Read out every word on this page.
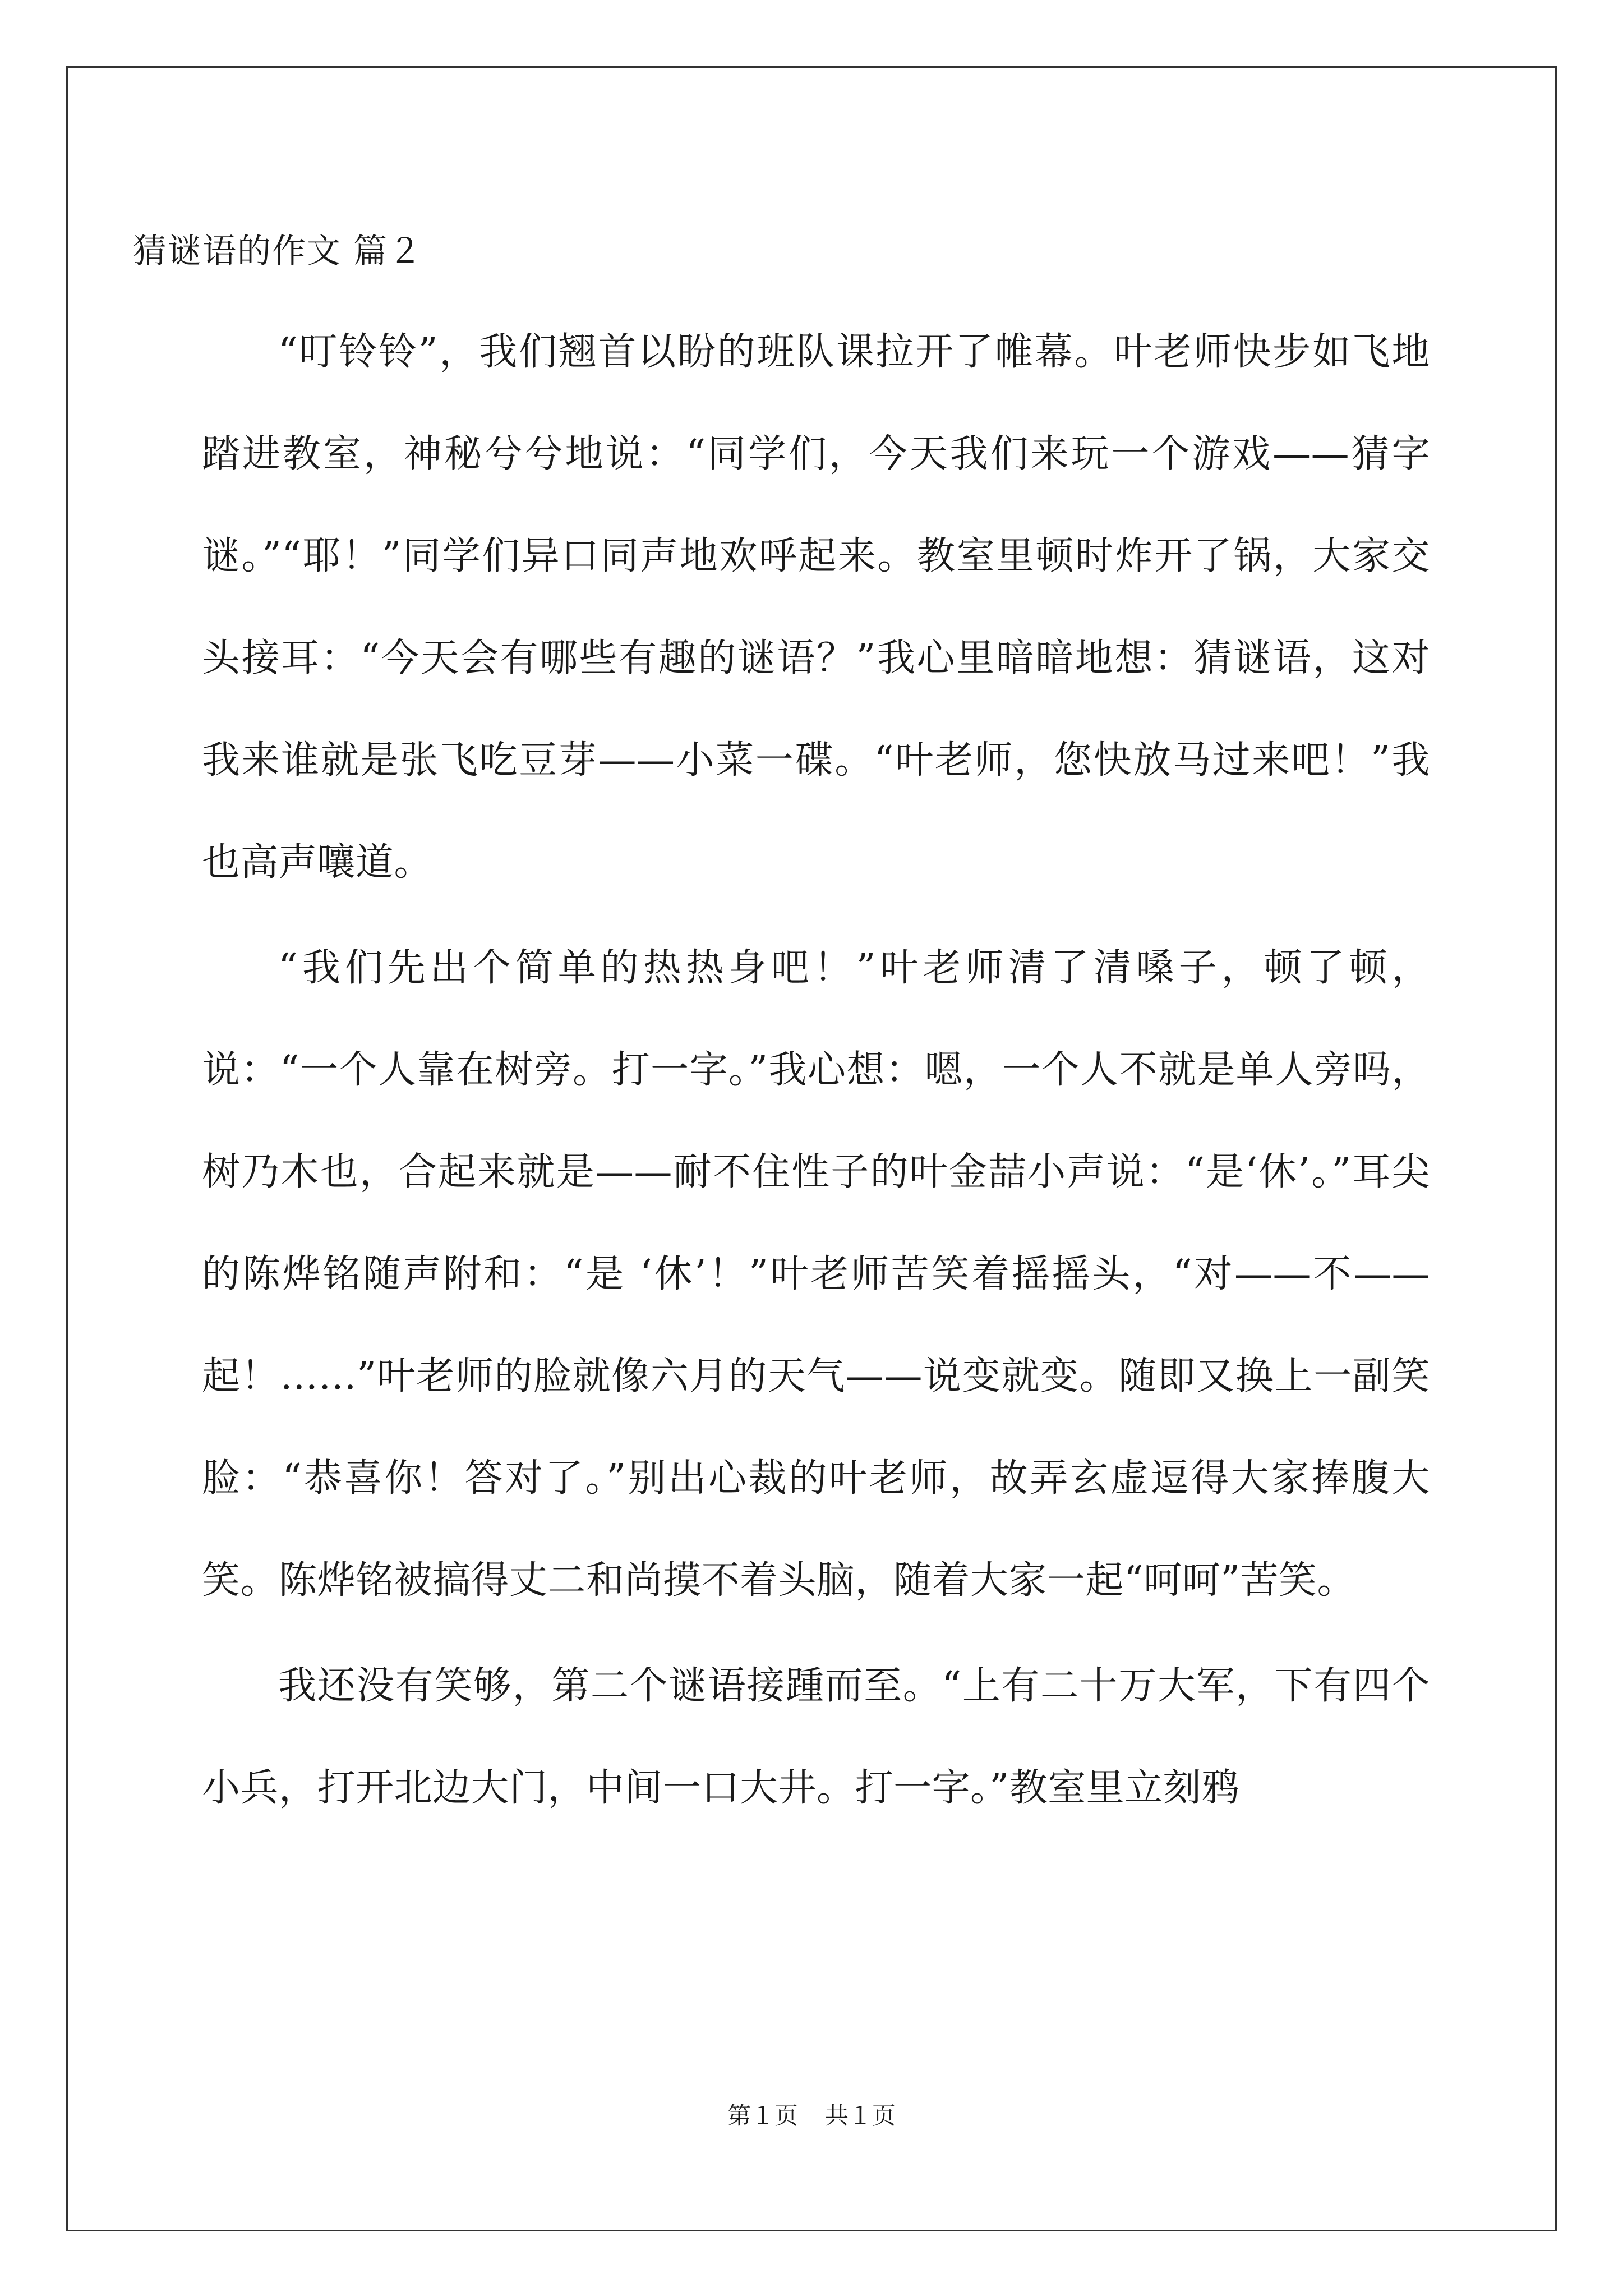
猜谜语的作文 篇２

“叮铃铃”，我们翘首以盼的班队课拉开了帷幕。叶老师快步如飞地踏进教室，神秘兮兮地说：“同学们，今天我们来玩一个游戏——猜字谜。”“耶！”同学们异口同声地欢呼起来。教室里顿时炸开了锅，大家交头接耳：“今天会有哪些有趣的谜语？”我心里暗暗地想：猜谜语，这对我来谁就是张飞吃豆芽——小菜一碟。“叶老师，您快放马过来吧！”我也高声嚷道。

“我们先出个简单的热热身吧！”叶老师清了清嗓子，顿了顿，说：“一个人靠在树旁。打一字。”我心想：嗯，一个人不就是单人旁吗，树乃木也，合起来就是——耐不住性子的叶金喆小声说：“是‘休’。”耳尖的陈烨铭随声附和：“是 ‘休’！”叶老师苦笑着摇摇头，“对——不——起！……”叶老师的脸就像六月的天气——说变就变。随即又换上一副笑脸：“恭喜你！答对了。”别出心裁的叶老师，故弄玄虚逗得大家捧腹大笑。陈烨铭被搞得丈二和尚摸不着头脑，随着大家一起“呵呵”苦笑。

我还没有笑够，第二个谜语接踵而至。“上有二十万大军，下有四个小兵，打开北边大门，中间一口大井。打一字。”教室里立刻鸦

第１页 共１页
